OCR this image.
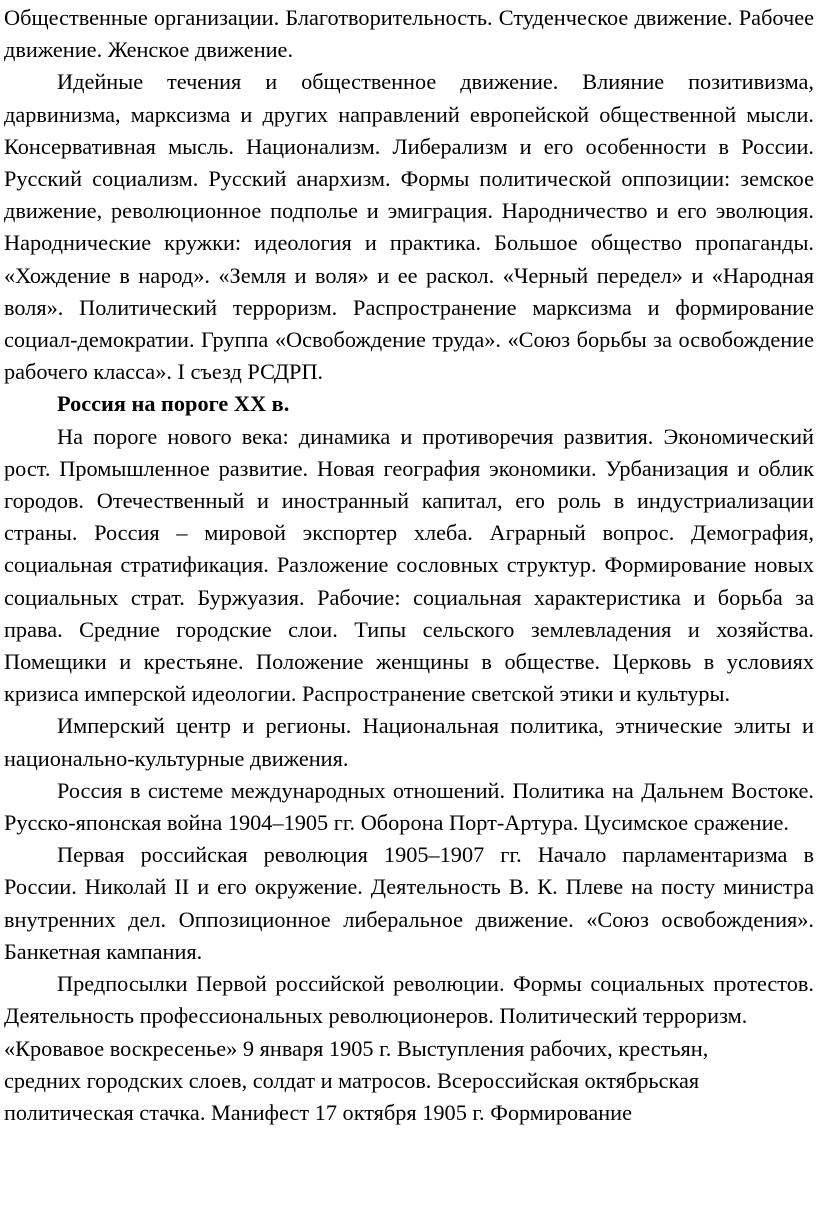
Общественные организации. Благотворительность. Студенческое движение. Рабочее движение. Женское движение.

Идейные течения и общественное движение. Влияние позитивизма, дарвинизма, марксизма и других направлений европейской общественной мысли. Консервативная мысль. Национализм. Либерализм и его особенности в России. Русский социализм. Русский анархизм. Формы политической оппозиции: земское движение, революционное подполье и эмиграция. Народничество и его эволюция. Народнические кружки: идеология и практика. Большое общество пропаганды. «Хождение в народ». «Земля и воля» и ее раскол. «Черный передел» и «Народная воля». Политический терроризм. Распространение марксизма и формирование социал-демократии. Группа «Освобождение труда». «Союз борьбы за освобождение рабочего класса». I съезд РСДРП.

Россия на пороге ХХ в.

На пороге нового века: динамика и противоречия развития. Экономический рост. Промышленное развитие. Новая география экономики. Урбанизация и облик городов. Отечественный и иностранный капитал, его роль в индустриализации страны. Россия – мировой экспортер хлеба. Аграрный вопрос. Демография, социальная стратификация. Разложение сословных структур. Формирование новых социальных страт. Буржуазия. Рабочие: социальная характеристика и борьба за права. Средние городские слои. Типы сельского землевладения и хозяйства. Помещики и крестьяне. Положение женщины в обществе. Церковь в условиях кризиса имперской идеологии. Распространение светской этики и культуры.

Имперский центр и регионы. Национальная политика, этнические элиты и национально-культурные движения.

Россия в системе международных отношений. Политика на Дальнем Востоке. Русско-японская война 1904–1905 гг. Оборона Порт-Артура. Цусимское сражение.

Первая российская революция 1905–1907 гг. Начало парламентаризма в России. Николай II и его окружение. Деятельность В. К. Плеве на посту министра внутренних дел. Оппозиционное либеральное движение. «Союз освобождения». Банкетная кампания.

Предпосылки Первой российской революции. Формы социальных протестов. Деятельность профессиональных революционеров. Политический терроризм.

«Кровавое воскресенье» 9 января 1905 г. Выступления рабочих, крестьян,

средних городских слоев, солдат и матросов. Всероссийская октябрьская

политическая стачка. Манифест 17 октября 1905 г. Формирование
